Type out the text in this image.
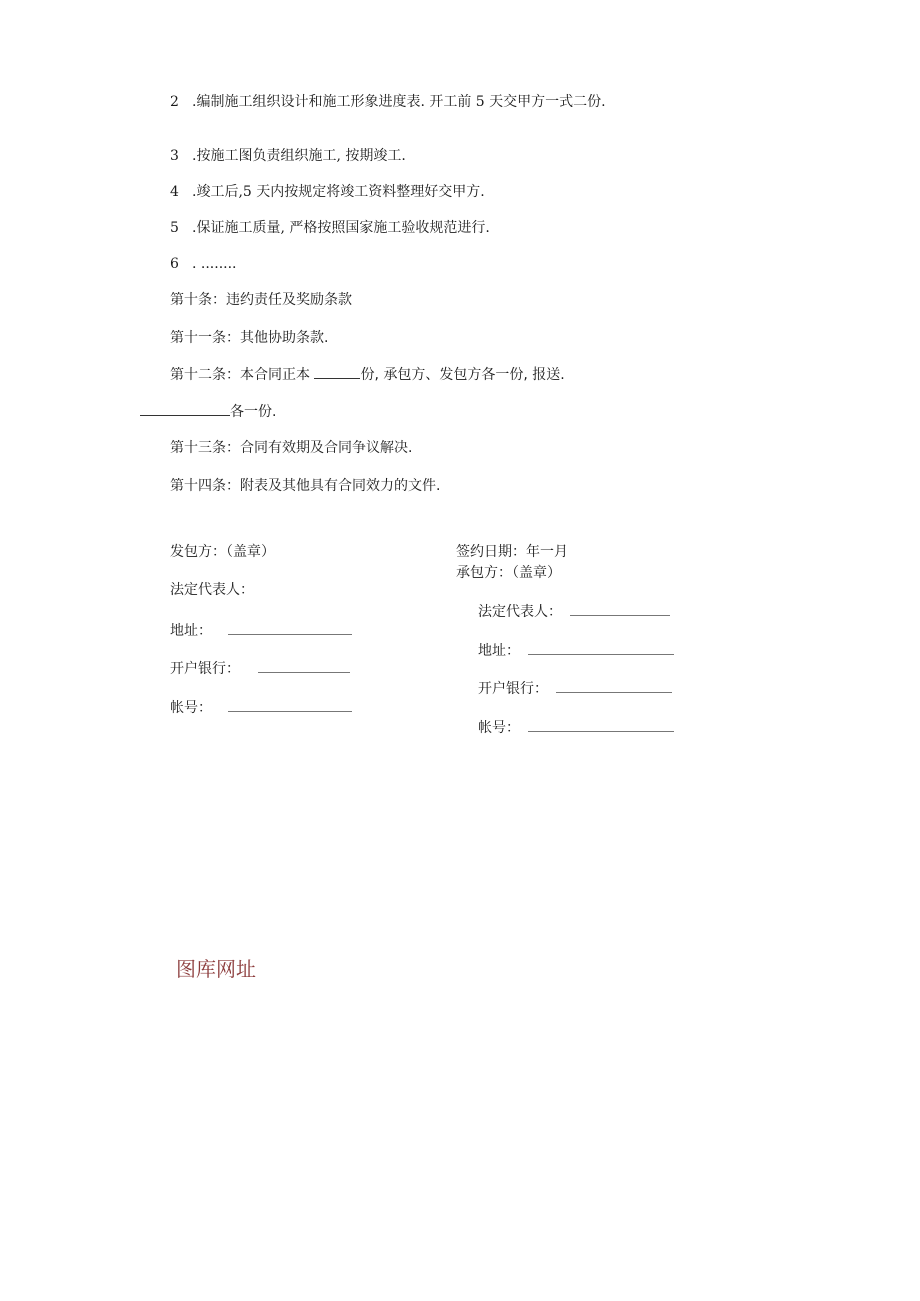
2 .编制施工组织设计和施工形象进度表. 开工前 5 天交甲方一式二份.
3 .按施工图负责组织施工, 按期竣工.
4 .竣工后,5 天内按规定将竣工资料整理好交甲方.
5 .保证施工质量, 严格按照国家施工验收规范进行.
6 . ........
第十条：违约责任及奖励条款
第十一条：其他协助条款.
第十二条：本合同正本	份, 承包方、发包方各一份, 报送.
各一份.
第十三条：合同有效期及合同争议解决.
第十四条：附表及其他具有合同效力的文件.
发包方：（盖章）
法定代表人：
地址：
开户银行：
帐号：
签约日期：年一月
承包方：（盖章）
法定代表人：
地址：
开户银行：
帐号：
图库网址
